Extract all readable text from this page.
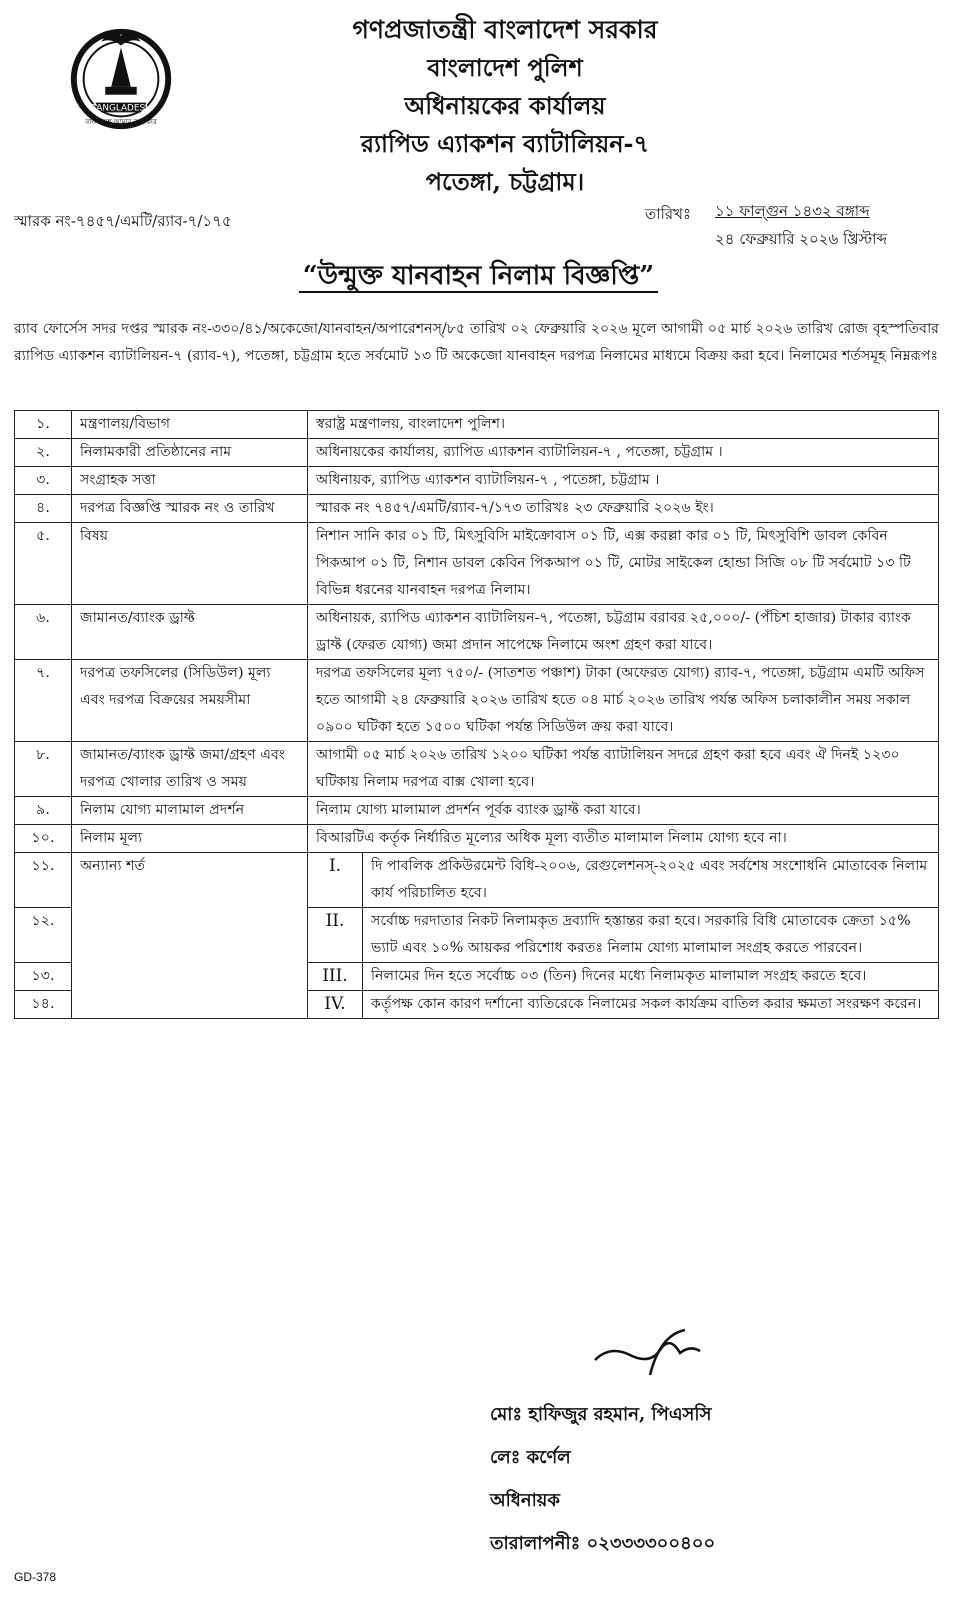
BANGLADESH
২৪৪
বাংলাদেশ আমার অহংকার
গণপ্রজাতন্ত্রী বাংলাদেশ সরকার
বাংলাদেশ পুলিশ
অধিনায়কের কার্যালয়
র‌্যাপিড এ্যাকশন ব্যাটালিয়ন-৭
পতেঙ্গা, চট্টগ্রাম।
স্মারক নং-৭৪৫৭/এমটি/র‌্যাব-৭/১৭৫	তারিখঃ ১১ ফাল্গুন ১৪৩২ বঙ্গাব্দ
২৪ ফেব্রুয়ারি ২০২৬ খ্রিস্টাব্দ
“উন্মুক্ত যানবাহন নিলাম বিজ্ঞপ্তি”
র‌্যাব ফোর্সেস সদর দপ্তর স্মারক নং-৩৩০/৪১/অকেজো/যানবাহন/অপারেশনস্/৮৫ তারিখ ০২ ফেব্রুয়ারি ২০২৬ মূলে আগামী ০৫ মার্চ ২০২৬ তারিখ রোজ বৃহস্পতিবার র‌্যাপিড এ্যাকশন ব্যাটালিয়ন-৭ (র‌্যাব-৭), পতেঙ্গা, চট্টগ্রাম হতে সর্বমোট ১৩ টি অকেজো যানবাহন দরপত্র নিলামের মাধ্যমে বিক্রয় করা হবে। নিলামের শর্তসমূহ নিম্নরূপঃ
১.	মন্ত্রণালয়/বিভাগ	স্বরাষ্ট্র মন্ত্রণালয়, বাংলাদেশ পুলিশ।	
২.	নিলামকারী প্রতিষ্ঠানের নাম	অধিনায়কের কার্যালয়, র‌্যাপিড এ্যাকশন ব্যাটালিয়ন-৭ , পতেঙ্গা, চট্টগ্রাম ।	
৩.	সংগ্রাহক সত্তা	অধিনায়ক, র‌্যাপিড এ্যাকশন ব্যাটালিয়ন-৭ , পতেঙ্গা, চট্টগ্রাম ।	
৪.	দরপত্র বিজ্ঞপ্তি স্মারক নং ও তারিখ	স্মারক নং ৭৪৫৭/এমটি/র‌্যাব-৭/১৭৩ তারিখঃ ২৩ ফেব্রুয়ারি ২০২৬ ইং।	
৫.	বিষয়	নিশান সানি কার ০১ টি, মিৎসুবিসি মাইক্রোবাস ০১ টি, এক্স করল্লা কার ০১ টি, মিৎসুবিশি ডাবল কেবিন পিকআপ ০১ টি, নিশান ডাবল কেবিন পিকআপ ০১ টি, মোটর সাইকেল হোন্ডা সিজি ০৮ টি সর্বমোট ১৩ টি বিভিন্ন ধরনের যানবাহন দরপত্র নিলাম।	
৬.	জামানত/ব্যাংক ড্রাফ্ট	অধিনায়ক, র‌্যাপিড এ্যাকশন ব্যাটালিয়ন-৭, পতেঙ্গা, চট্টগ্রাম বরাবর ২৫,০০০/- (পঁচিশ হাজার) টাকার ব্যাংক ড্রাফ্ট (ফেরত যোগ্য) জমা প্রদান সাপেক্ষে নিলামে অংশ গ্রহণ করা যাবে।	
৭.	দরপত্র তফসিলের (সিডিউল) মূল্য এবং দরপত্র বিক্রয়ের সময়সীমা	দরপত্র তফসিলের মূল্য ৭৫০/- (সাতশত পঞ্চাশ) টাকা (অফেরত যোগ্য) র‌্যাব-৭, পতেঙ্গা, চট্টগ্রাম এমটি অফিস হতে আগামী ২৪ ফেব্রুয়ারি ২০২৬ তারিখ হতে ০৪ মার্চ ২০২৬ তারিখ পর্যন্ত অফিস চলাকালীন সময় সকাল ০৯০০ ঘটিকা হতে ১৫০০ ঘটিকা পর্যন্ত সিডিউল ক্রয় করা যাবে।	
৮.	জামানত/ব্যাংক ড্রাফ্ট জমা/গ্রহণ এবং দরপত্র খোলার তারিখ ও সময়	আগামী ০৫ মার্চ ২০২৬ তারিখ ১২০০ ঘটিকা পর্যন্ত ব্যাটালিয়ন সদরে গ্রহণ করা হবে এবং ঐ দিনই ১২৩০ ঘটিকায় নিলাম দরপত্র বাক্স খোলা হবে।	
৯.	নিলাম যোগ্য মালামাল প্রদর্শন	নিলাম যোগ্য মালামাল প্রদর্শন পূর্বক ব্যাংক ড্রাফ্ট করা যাবে।	
১০.	নিলাম মূল্য	বিআরটিএ কর্তৃক নির্ধারিত মূল্যের অধিক মূল্য ব্যতীত মালামাল নিলাম যোগ্য হবে না।	
১১.	অন্যান্য শর্ত	I.	দি পাবলিক প্রকিউরমেন্ট বিধি-২০০৬, রেগুলেশনস্-২০২৫ এবং সর্বশেষ সংশোধনি মোতাবেক নিলাম কার্য পরিচালিত হবে।
১২.		II.	সর্বোচ্চ দরদাতার নিকট নিলামকৃত দ্রব্যাদি হস্তান্তর করা হবে। সরকারি বিধি মোতাবেক ক্রেতা ১৫% ভ্যাট এবং ১০% আয়কর পরিশোধ করতঃ নিলাম যোগ্য মালামাল সংগ্রহ করতে পারবেন।
১৩.		III.	নিলামের দিন হতে সর্বোচ্চ ০৩ (তিন) দিনের মধ্যে নিলামকৃত মালামাল সংগ্রহ করতে হবে।
১৪.		IV.	কর্তৃপক্ষ কোন কারণ দর্শানো ব্যতিরেকে নিলামের সকল কার্যক্রম বাতিল করার ক্ষমতা সংরক্ষণ করেন।
মোঃ হাফিজুর রহমান, পিএসসি
লেঃ কর্ণেল
অধিনায়ক
তারালাপনীঃ ০২৩৩৩৩০০৪০০
GD-378
